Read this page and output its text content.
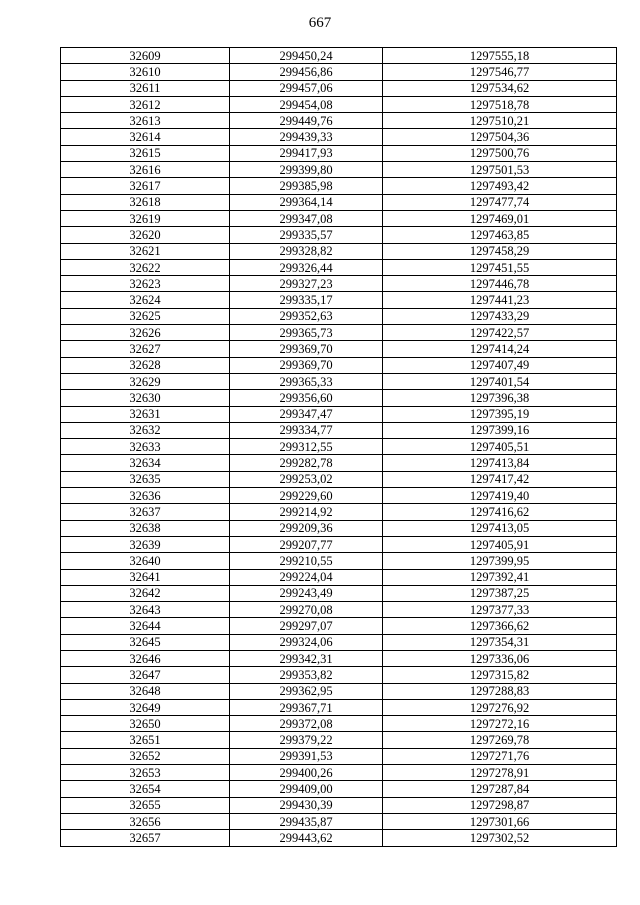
667
32609	299450,24	1297555,18
32610	299456,86	1297546,77
32611	299457,06	1297534,62
32612	299454,08	1297518,78
32613	299449,76	1297510,21
32614	299439,33	1297504,36
32615	299417,93	1297500,76
32616	299399,80	1297501,53
32617	299385,98	1297493,42
32618	299364,14	1297477,74
32619	299347,08	1297469,01
32620	299335,57	1297463,85
32621	299328,82	1297458,29
32622	299326,44	1297451,55
32623	299327,23	1297446,78
32624	299335,17	1297441,23
32625	299352,63	1297433,29
32626	299365,73	1297422,57
32627	299369,70	1297414,24
32628	299369,70	1297407,49
32629	299365,33	1297401,54
32630	299356,60	1297396,38
32631	299347,47	1297395,19
32632	299334,77	1297399,16
32633	299312,55	1297405,51
32634	299282,78	1297413,84
32635	299253,02	1297417,42
32636	299229,60	1297419,40
32637	299214,92	1297416,62
32638	299209,36	1297413,05
32639	299207,77	1297405,91
32640	299210,55	1297399,95
32641	299224,04	1297392,41
32642	299243,49	1297387,25
32643	299270,08	1297377,33
32644	299297,07	1297366,62
32645	299324,06	1297354,31
32646	299342,31	1297336,06
32647	299353,82	1297315,82
32648	299362,95	1297288,83
32649	299367,71	1297276,92
32650	299372,08	1297272,16
32651	299379,22	1297269,78
32652	299391,53	1297271,76
32653	299400,26	1297278,91
32654	299409,00	1297287,84
32655	299430,39	1297298,87
32656	299435,87	1297301,66
32657	299443,62	1297302,52
